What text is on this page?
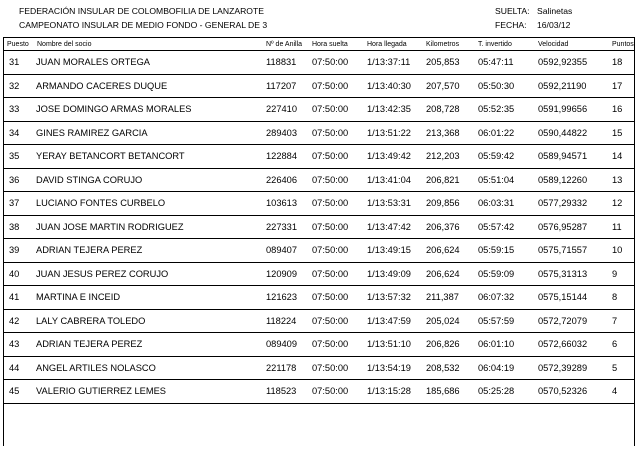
FEDERACIÓN INSULAR DE COLOMBOFILIA DE LANZAROTE
CAMPEONATO INSULAR DE MEDIO FONDO - GENERAL DE 3
SUELTA: Salinetas
FECHA: 16/03/12
Puesto	Nombre del socio	Nº de Anilla	Hora suelta	Hora llegada	Kilometros	T. invertido	Velocidad	Puntos
31	JUAN MORALES ORTEGA	118831	07:50:00	1/13:37:11	205,853	05:47:11	0592,92355	18
32	ARMANDO CACERES DUQUE	117207	07:50:00	1/13:40:30	207,570	05:50:30	0592,21190	17
33	JOSE DOMINGO ARMAS MORALES	227410	07:50:00	1/13:42:35	208,728	05:52:35	0591,99656	16
34	GINES RAMIREZ GARCIA	289403	07:50:00	1/13:51:22	213,368	06:01:22	0590,44822	15
35	YERAY BETANCORT BETANCORT	122884	07:50:00	1/13:49:42	212,203	05:59:42	0589,94571	14
36	DAVID STINGA CORUJO	226406	07:50:00	1/13:41:04	206,821	05:51:04	0589,12260	13
37	LUCIANO FONTES CURBELO	103613	07:50:00	1/13:53:31	209,856	06:03:31	0577,29332	12
38	JUAN JOSE MARTIN RODRIGUEZ	227331	07:50:00	1/13:47:42	206,376	05:57:42	0576,95287	11
39	ADRIAN TEJERA PEREZ	089407	07:50:00	1/13:49:15	206,624	05:59:15	0575,71557	10
40	JUAN JESUS PEREZ CORUJO	120909	07:50:00	1/13:49:09	206,624	05:59:09	0575,31313	9
41	MARTINA E INCEID	121623	07:50:00	1/13:57:32	211,387	06:07:32	0575,15144	8
42	LALY CABRERA TOLEDO	118224	07:50:00	1/13:47:59	205,024	05:57:59	0572,72079	7
43	ADRIAN TEJERA PEREZ	089409	07:50:00	1/13:51:10	206,826	06:01:10	0572,66032	6
44	ANGEL ARTILES NOLASCO	221178	07:50:00	1/13:54:19	208,532	06:04:19	0572,39289	5
45	VALERIO GUTIERREZ LEMES	118523	07:50:00	1/13:15:28	185,686	05:25:28	0570,52326	4
